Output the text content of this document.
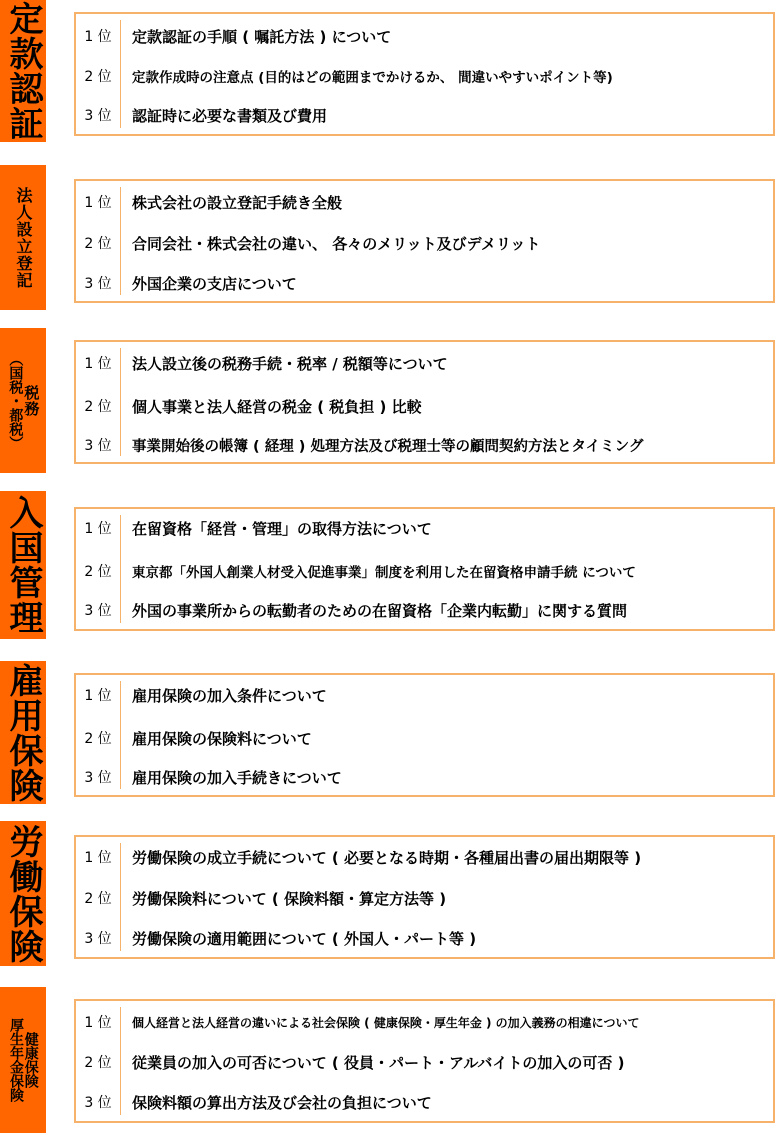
定款認証	1 位	定款認証の手順 ( 嘱託方法 ) について
2 位	定款作成時の注意点 (目的はどの範囲までかけるか、 間違いやすいポイント等)
3 位	認証時に必要な書類及び費用
法人設立登記	1 位	株式会社の設立登記手続き全般
2 位	合同会社・株式会社の違い、 各々のメリット及びデメリット
3 位	外国企業の支店について
税務
（国税・都税）	1 位	法人設立後の税務手続・税率 / 税額等について
2 位	個人事業と法人経営の税金 ( 税負担 ) 比較
3 位	事業開始後の帳簿 ( 経理 ) 処理方法及び税理士等の顧問契約方法とタイミング
入国管理	1 位	在留資格「経営・管理」の取得方法について
2 位	東京都「外国人創業人材受入促進事業」制度を利用した在留資格申請手続 について
3 位	外国の事業所からの転勤者のための在留資格「企業内転勤」に関する質問
雇用保険	1 位	雇用保険の加入条件について
2 位	雇用保険の保険料について
3 位	雇用保険の加入手続きについて
労働保険	1 位	労働保険の成立手続について ( 必要となる時期・各種届出書の届出期限等 )
2 位	労働保険料について ( 保険料額・算定方法等 )
3 位	労働保険の適用範囲について ( 外国人・パート等 )
健康保険
厚生年金保険	1 位	個人経営と法人経営の違いによる社会保険 ( 健康保険・厚生年金 ) の加入義務の相違について
2 位	従業員の加入の可否について ( 役員・パート・アルバイトの加入の可否 )
3 位	保険料額の算出方法及び会社の負担について
